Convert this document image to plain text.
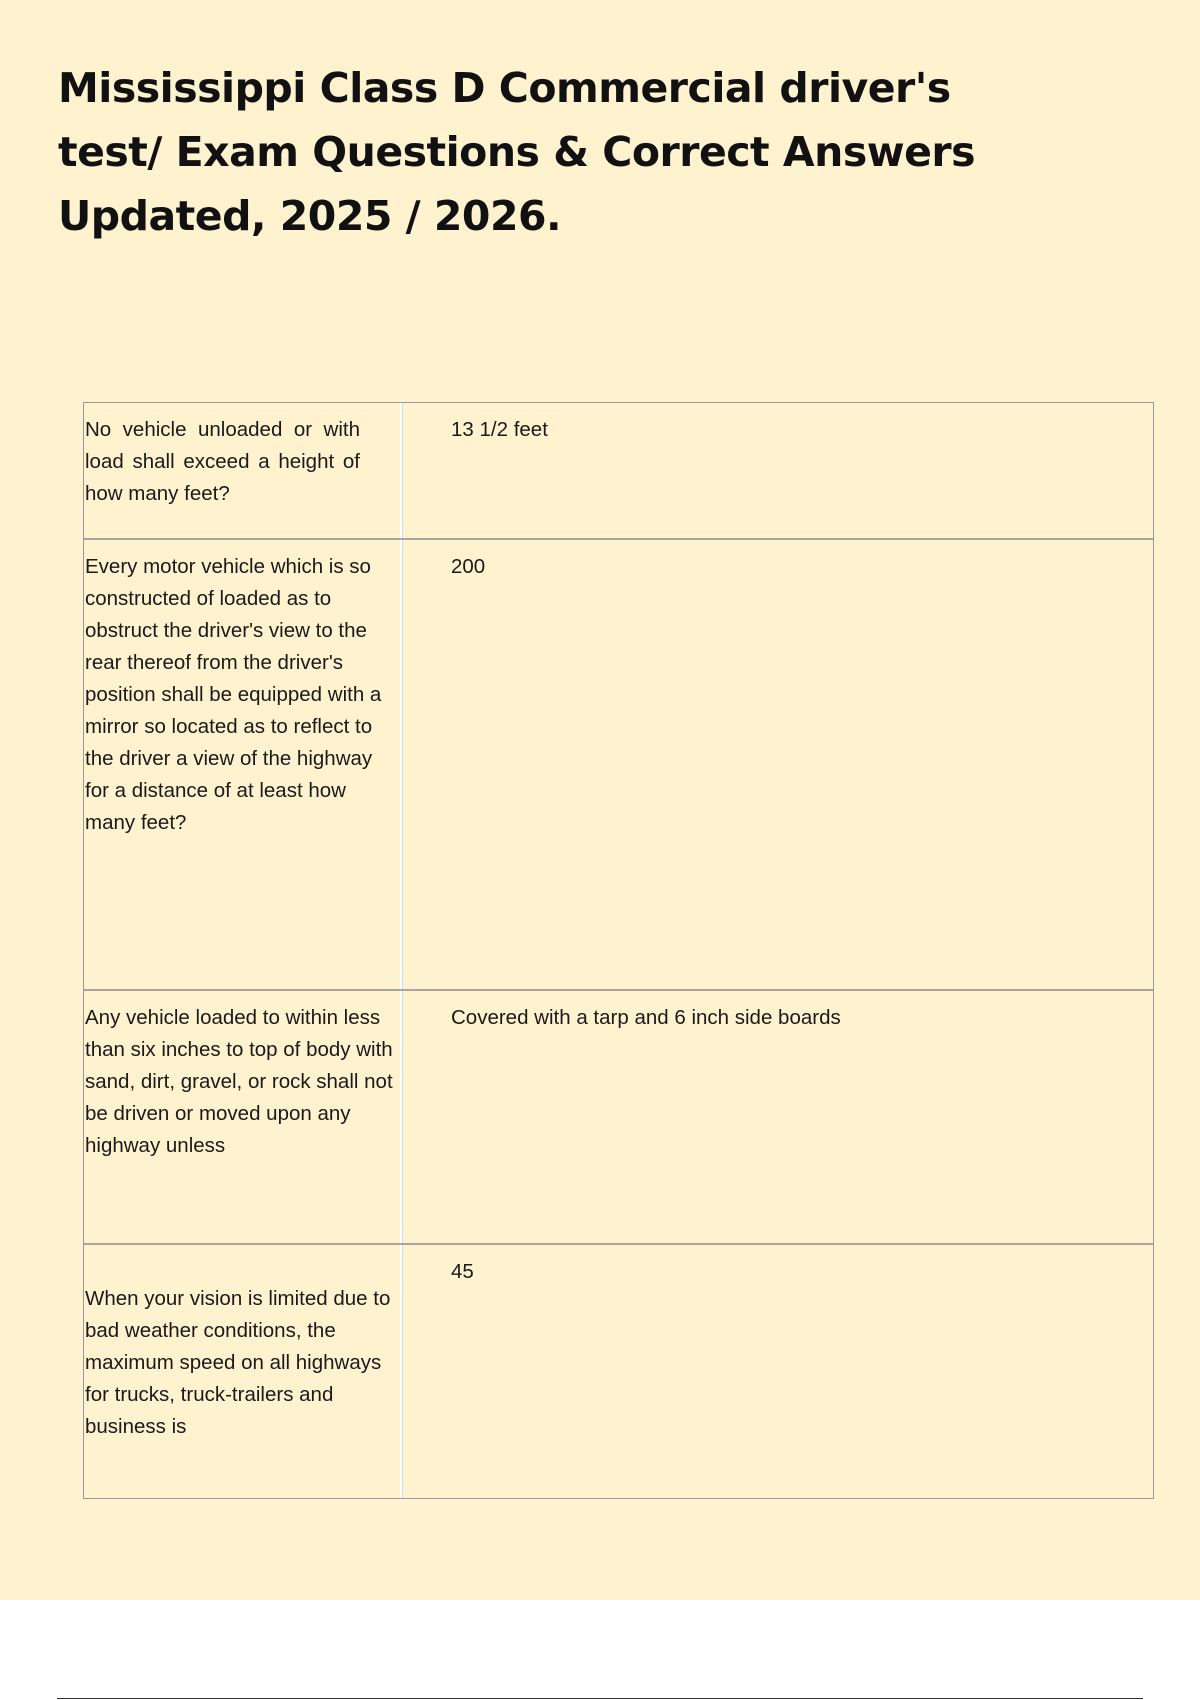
Mississippi Class D Commercial driver's test/ Exam Questions & Correct Answers Updated, 2025 / 2026.
No vehicle unloaded or with load shall exceed a height of how many feet?
13 1/2 feet
Every motor vehicle which is so constructed of loaded as to obstruct the driver's view to the rear thereof from the driver's position shall be equipped with a mirror so located as to reflect to the driver a view of the highway for a distance of at least how many feet?
200
Any vehicle loaded to within less than six inches to top of body with sand, dirt, gravel, or rock shall not be driven or moved upon any highway unless
Covered with a tarp and 6 inch side boards
When your vision is limited due to bad weather conditions, the maximum speed on all highways for trucks, truck-trailers and business is
45
